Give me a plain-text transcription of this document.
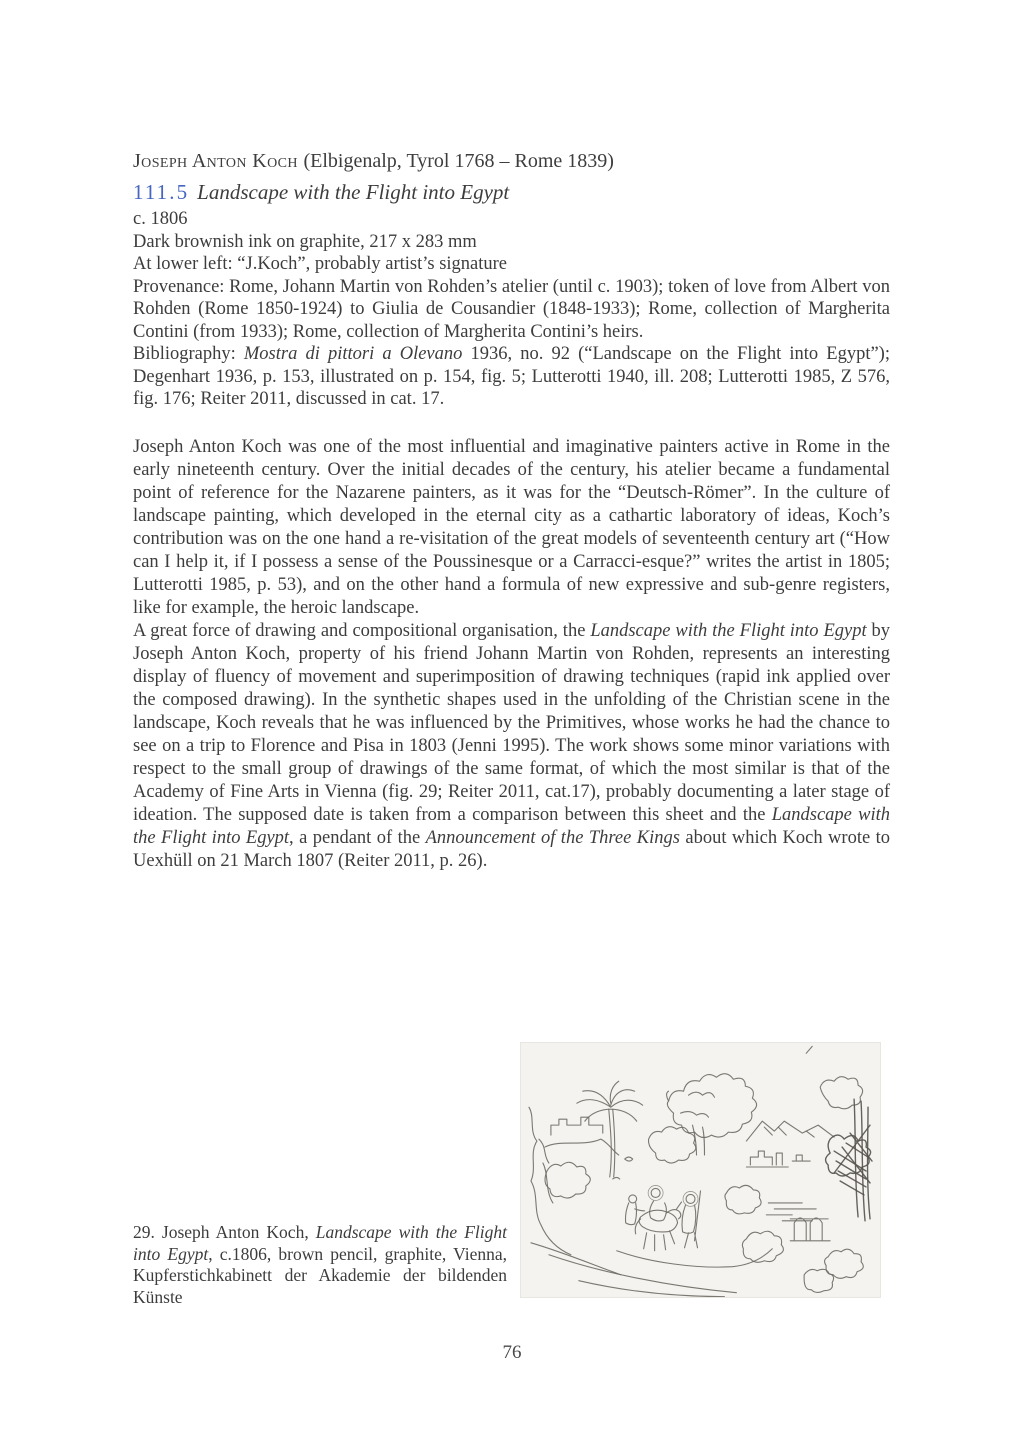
Joseph Anton Koch (Elbigenalp, Tyrol 1768 – Rome 1839)
111.5 Landscape with the Flight into Egypt

c. 1806

Dark brownish ink on graphite, 217 x 283 mm

At lower left: “J.Koch”, probably artist’s signature

Provenance: Rome, Johann Martin von Rohden’s atelier (until c. 1903); token of love from Albert von Rohden (Rome 1850-1924) to Giulia de Cousandier (1848-1933); Rome, collection of Margherita Contini (from 1933); Rome, collection of Margherita Contini’s heirs.

Bibliography: Mostra di pittori a Olevano 1936, no. 92 (“Landscape on the Flight into Egypt”); Degenhart 1936, p. 153, illustrated on p. 154, fig. 5; Lutterotti 1940, ill. 208; Lutterotti 1985, Z 576, fig. 176; Reiter 2011, discussed in cat. 17.

Joseph Anton Koch was one of the most influential and imaginative painters active in Rome in the early nineteenth century. Over the initial decades of the century, his atelier became a fundamental point of reference for the Nazarene painters, as it was for the “Deutsch-Römer”. In the culture of landscape painting, which developed in the eternal city as a cathartic laboratory of ideas, Koch’s contribution was on the one hand a re-visitation of the great models of seventeenth century art (“How can I help it, if I possess a sense of the Poussinesque or a Carracci-esque?” writes the artist in 1805; Lutterotti 1985, p. 53), and on the other hand a formula of new expressive and sub-genre registers, like for example, the heroic landscape.

A great force of drawing and compositional organisation, the Landscape with the Flight into Egypt by Joseph Anton Koch, property of his friend Johann Martin von Rohden, represents an interesting display of fluency of movement and superimposition of drawing techniques (rapid ink applied over the composed drawing). In the synthetic shapes used in the unfolding of the Christian scene in the landscape, Koch reveals that he was influenced by the Primitives, whose works he had the chance to see on a trip to Florence and Pisa in 1803 (Jenni 1995). The work shows some minor variations with respect to the small group of drawings of the same format, of which the most similar is that of the Academy of Fine Arts in Vienna (fig. 29; Reiter 2011, cat.17), probably documenting a later stage of ideation. The supposed date is taken from a comparison between this sheet and the Landscape with the Flight into Egypt, a pendant of the Announcement of the Three Kings about which Koch wrote to Uexhüll on 21 March 1807 (Reiter 2011, p. 26).

29. Joseph Anton Koch, Landscape with the Flight into Egypt, c.1806, brown pencil, graphite, Vienna, Kupferstichkabinett der Akademie der bildenden Künste
76
